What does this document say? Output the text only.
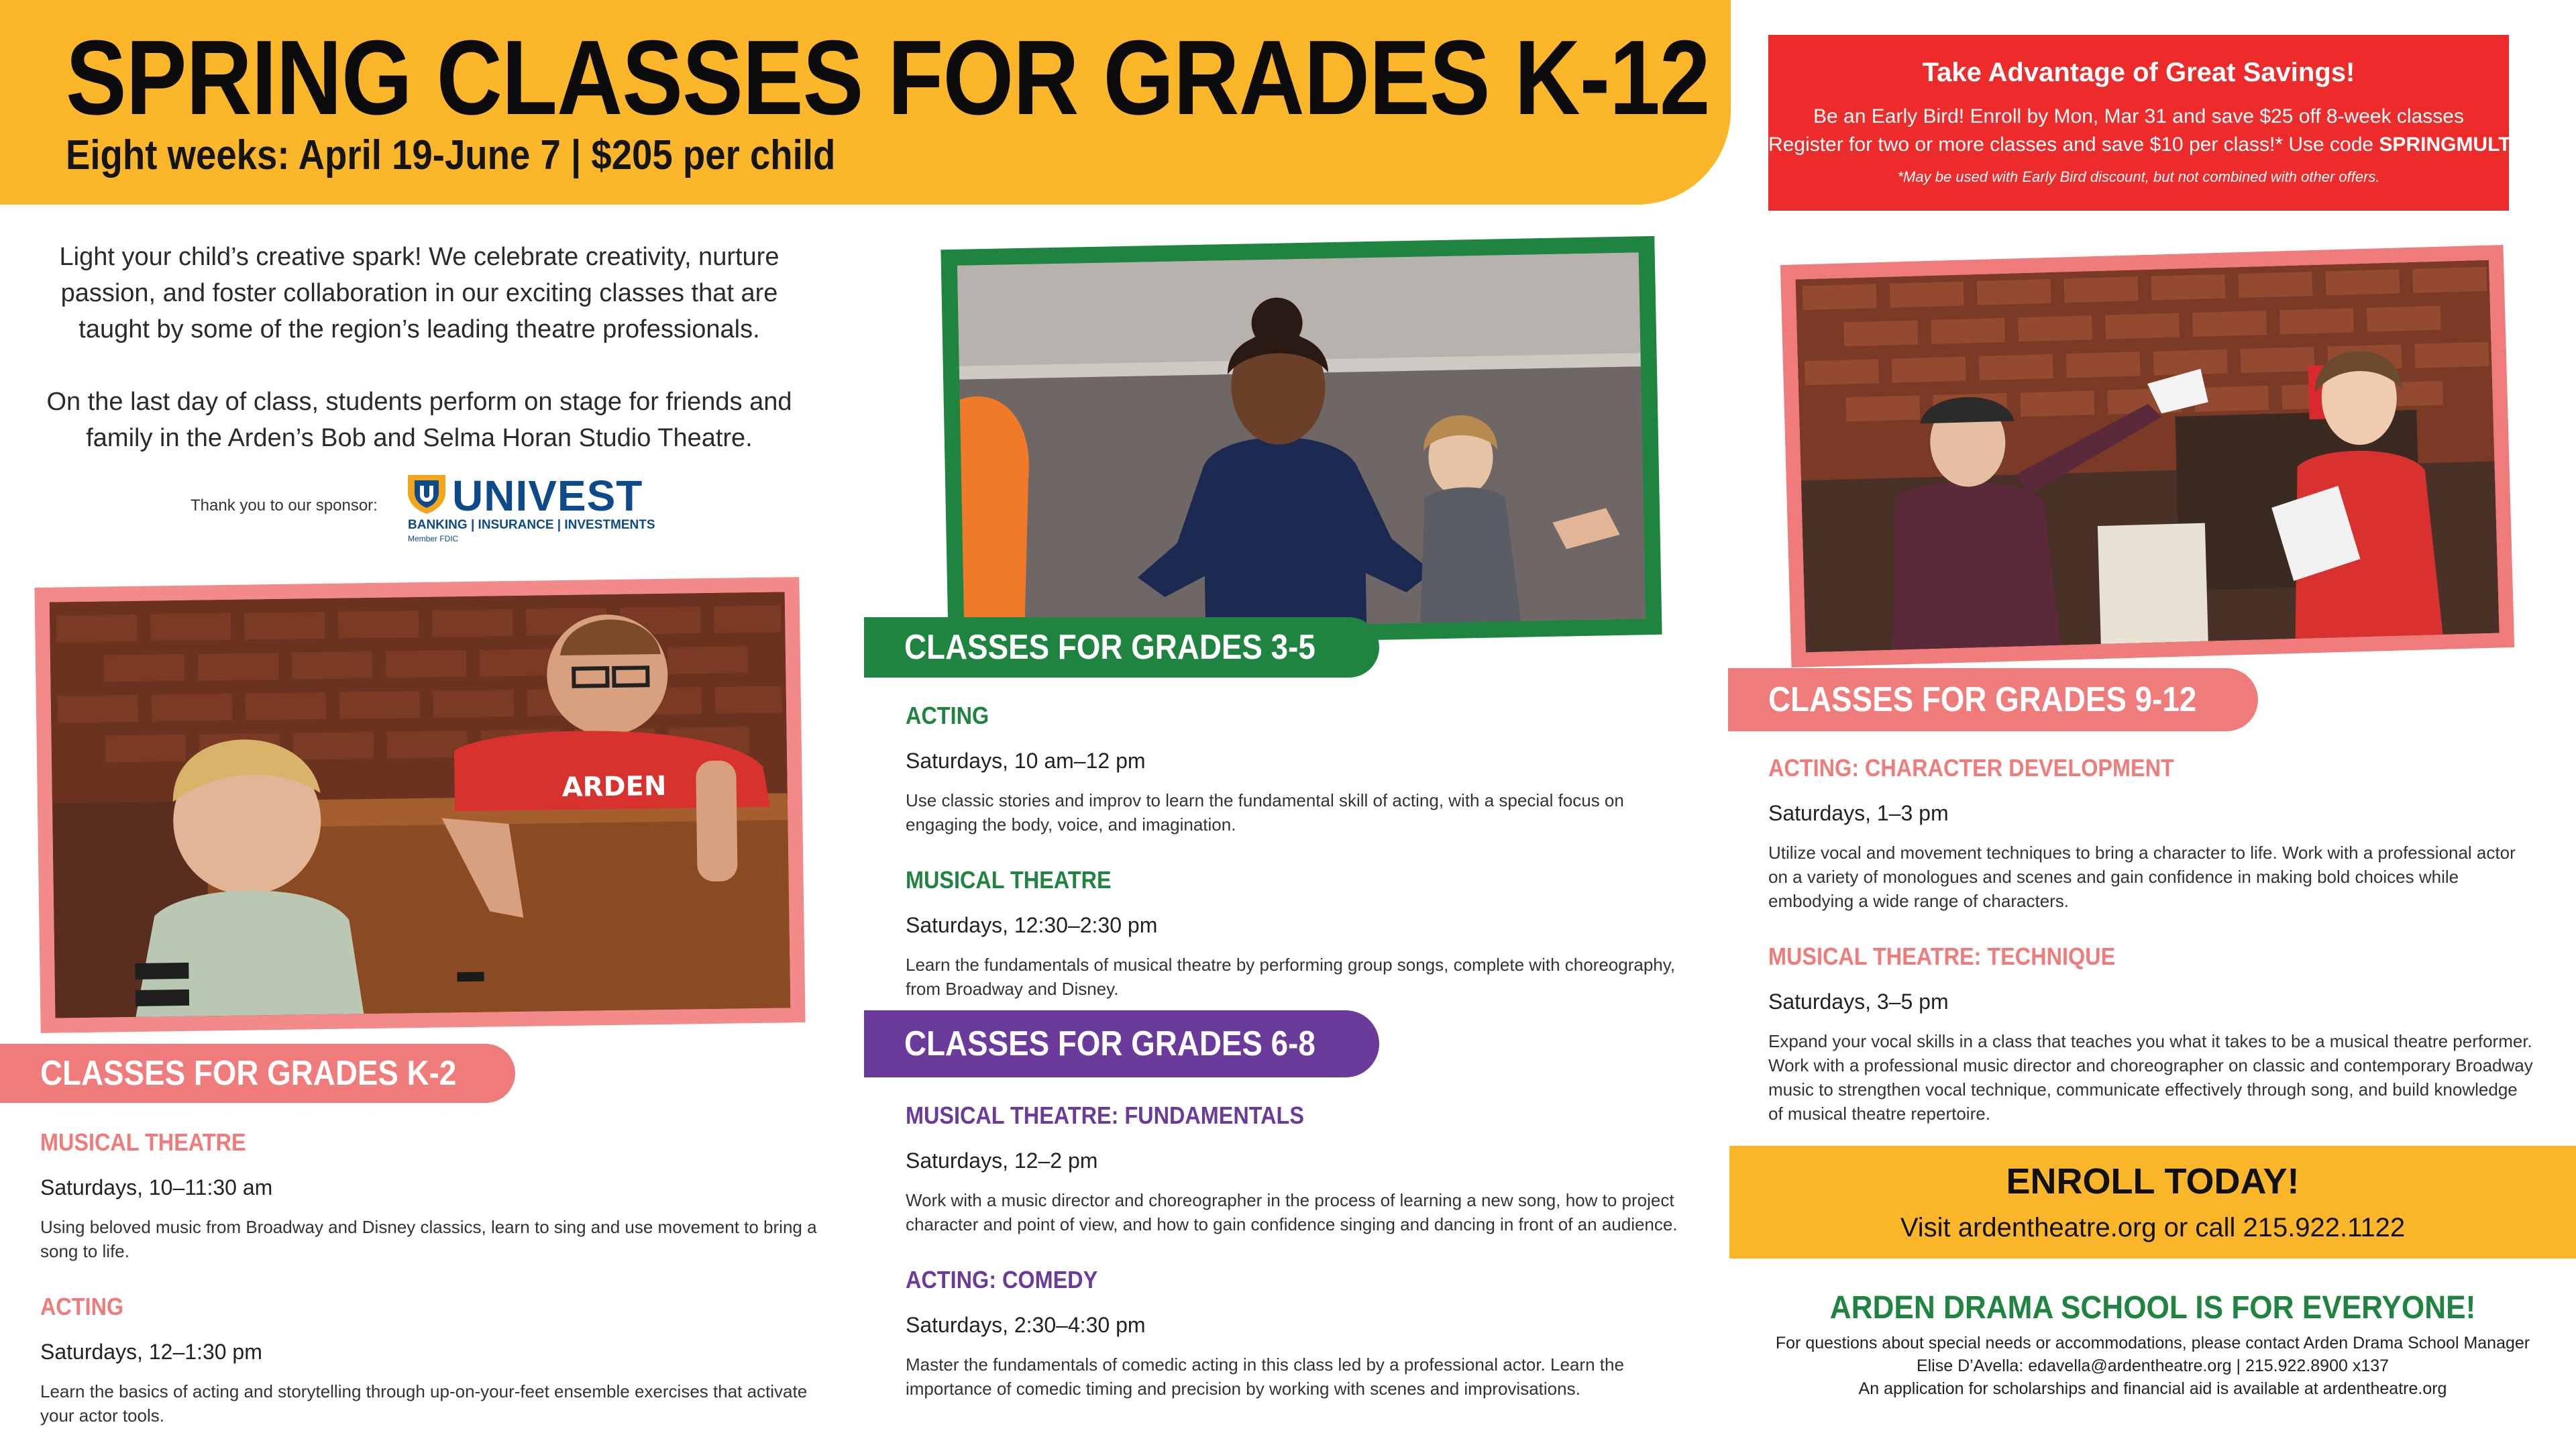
SPRING CLASSES FOR GRADES K-12
Eight weeks: April 19-June 7 | $205 per child
Take Advantage of Great Savings!
Be an Early Bird! Enroll by Mon, Mar 31 and save $25 off 8-week classes
Register for two or more classes and save $10 per class!* Use code SPRINGMULTI
*May be used with Early Bird discount, but not combined with other offers.

Light your child’s creative spark! We celebrate creativity, nurture passion, and foster collaboration in our exciting classes that are taught by some of the region’s leading theatre professionals.

On the last day of class, students perform on stage for friends and family in the Arden’s Bob and Selma Horan Studio Theatre.

Thank you to our sponsor: UNIVEST
BANKING | INSURANCE | INVESTMENTS
Member FDIC
ARDEN
CLASSES FOR GRADES K-2
CLASSES FOR GRADES 3-5
CLASSES FOR GRADES 6-8
CLASSES FOR GRADES 9-12
MUSICAL THEATRE
Saturdays, 10–11:30 am
Using beloved music from Broadway and Disney classics, learn to sing and use movement to bring a song to life.
ACTING
Saturdays, 12–1:30 pm
Learn the basics of acting and storytelling through up-on-your-feet ensemble exercises that activate your actor tools.
ACTING
Saturdays, 10 am–12 pm
Use classic stories and improv to learn the fundamental skill of acting, with a special focus on engaging the body, voice, and imagination.
MUSICAL THEATRE
Saturdays, 12:30–2:30 pm
Learn the fundamentals of musical theatre by performing group songs, complete with choreography, from Broadway and Disney.
MUSICAL THEATRE: FUNDAMENTALS
Saturdays, 12–2 pm
Work with a music director and choreographer in the process of learning a new song, how to project character and point of view, and how to gain confidence singing and dancing in front of an audience.
ACTING: COMEDY
Saturdays, 2:30–4:30 pm
Master the fundamentals of comedic acting in this class led by a professional actor. Learn the importance of comedic timing and precision by working with scenes and improvisations.
ACTING: CHARACTER DEVELOPMENT
Saturdays, 1–3 pm
Utilize vocal and movement techniques to bring a character to life. Work with a professional actor on a variety of monologues and scenes and gain confidence in making bold choices while embodying a wide range of characters.
MUSICAL THEATRE: TECHNIQUE
Saturdays, 3–5 pm
Expand your vocal skills in a class that teaches you what it takes to be a musical theatre performer. Work with a professional music director and choreographer on classic and contemporary Broadway music to strengthen vocal technique, communicate effectively through song, and build knowledge of musical theatre repertoire.
ENROLL TODAY!
Visit ardentheatre.org or call 215.922.1122
ARDEN DRAMA SCHOOL IS FOR EVERYONE!
For questions about special needs or accommodations, please contact Arden Drama School Manager
Elise D’Avella: edavella@ardentheatre.org | 215.922.8900 x137
An application for scholarships and financial aid is available at ardentheatre.org
